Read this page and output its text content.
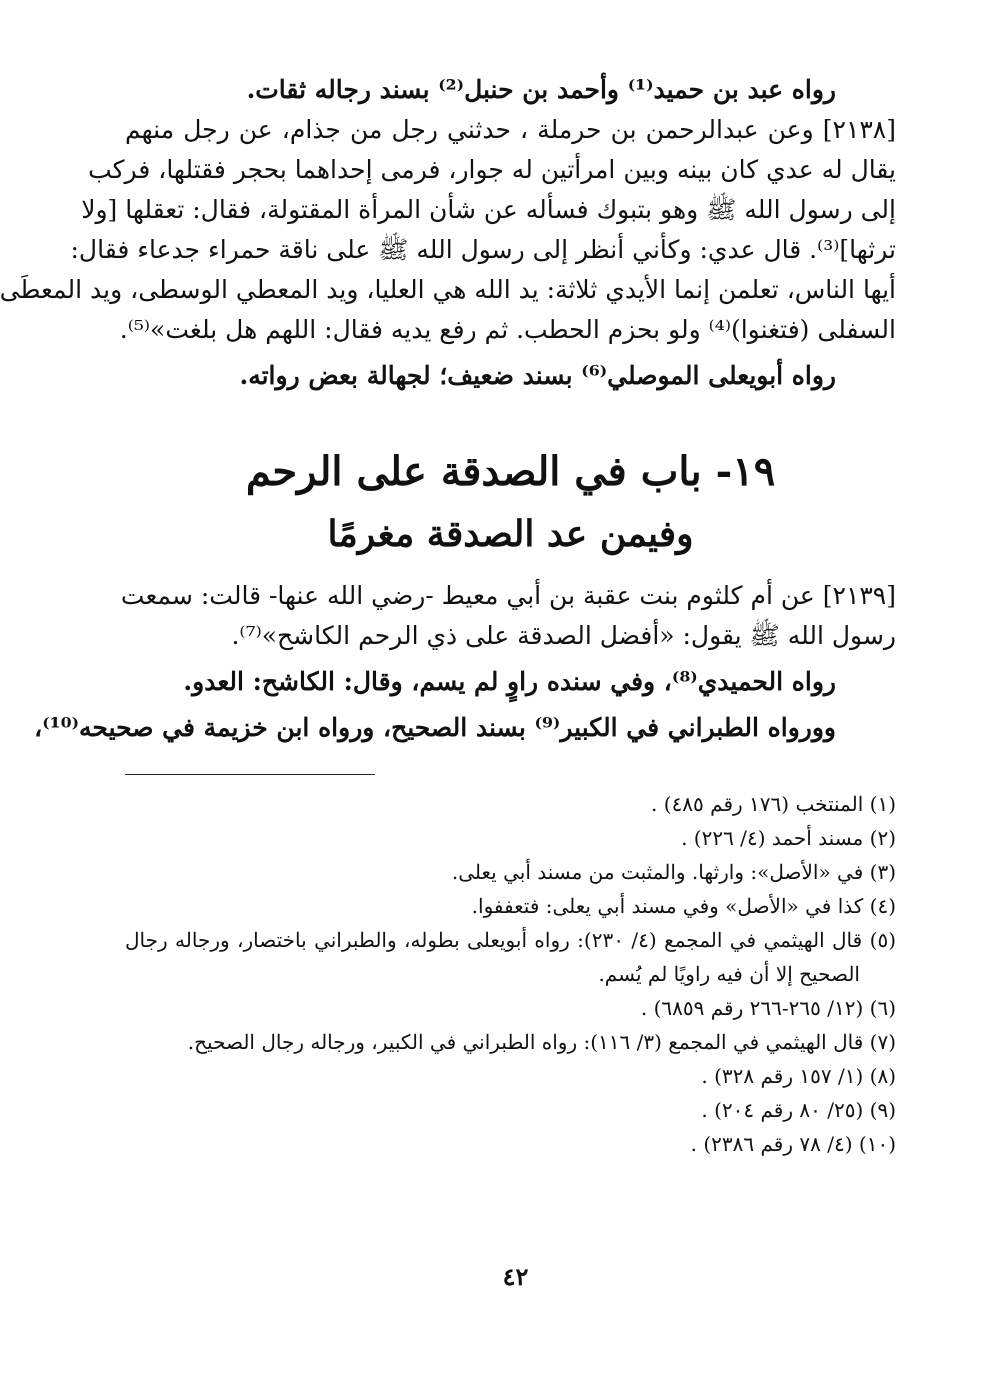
رواه عبد بن حميد⁽¹⁾ وأحمد بن حنبل⁽²⁾ بسند رجاله ثقات.

[٢١٣٨] وعن عبدالرحمن بن حرملة ، حدثني رجل من جذام، عن رجل منهم

يقال له عدي كان بينه وبين امرأتين له جوار، فرمى إحداهما بحجر فقتلها، فركب

إلى رسول الله ﷺ وهو بتبوك فسأله عن شأن المرأة المقتولة، فقال: تعقلها [ولا

ترثها]⁽³⁾. قال عدي: وكأني أنظر إلى رسول الله ﷺ على ناقة حمراء جدعاء فقال:

أيها الناس، تعلمن إنما الأيدي ثلاثة: يد الله هي العليا، ويد المعطي الوسطى، ويد المعطَى

السفلى (فتغنوا)⁽⁴⁾ ولو بحزم الحطب. ثم رفع يديه فقال: اللهم هل بلغت»⁽⁵⁾.

رواه أبويعلى الموصلي⁽⁶⁾ بسند ضعيف؛ لجهالة بعض رواته.

١٩- باب في الصدقة على الرحم
وفيمن عد الصدقة مغرمًا

[٢١٣٩] عن أم كلثوم بنت عقبة بن أبي معيط -رضي الله عنها- قالت: سمعت

رسول الله ﷺ يقول: «أفضل الصدقة على ذي الرحم الكاشح»⁽⁷⁾.

رواه الحميدي⁽⁸⁾، وفي سنده راوٍ لم يسم، وقال: الكاشح: العدو.

وورواه الطبراني في الكبير⁽⁹⁾ بسند الصحيح، ورواه ابن خزيمة في صحيحه⁽¹⁰⁾،

(١) المنتخب (١٧٦ رقم ٤٨٥) .

(٢) مسند أحمد (٤/ ٢٢٦) .

(٣) في «الأصل»: وارثها. والمثبت من مسند أبي يعلى.

(٤) كذا في «الأصل» وفي مسند أبي يعلى: فتعففوا.

(٥) قال الهيثمي في المجمع (٤/ ٢٣٠): رواه أبويعلى بطوله، والطبراني باختصار، ورجاله رجال

الصحيح إلا أن فيه راويًا لم يُسم.

(٦) (١٢/ ٢٦٥-٢٦٦ رقم ٦٨٥٩) .

(٧) قال الهيثمي في المجمع (٣/ ١١٦): رواه الطبراني في الكبير، ورجاله رجال الصحيح.

(٨) (١/ ١٥٧ رقم ٣٢٨) .

(٩) (٢٥/ ٨٠ رقم ٢٠٤) .

(١٠) (٤/ ٧٨ رقم ٢٣٨٦) .

٤٢
